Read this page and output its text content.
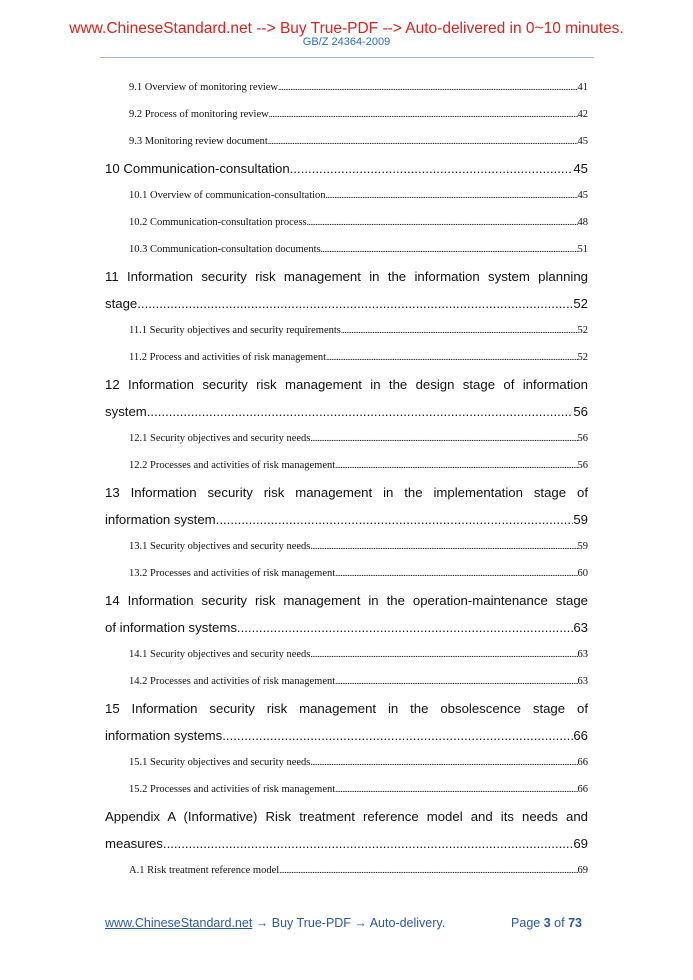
www.ChineseStandard.net --> Buy True-PDF --> Auto-delivered in 0~10 minutes.
GB/Z 24364-2009
9.1 Overview of monitoring review .....	41
9.2 Process of monitoring review .....	42
9.3 Monitoring review document .....	45
10 Communication-consultation .....	45
10.1 Overview of communication-consultation .....	45
10.2 Communication-consultation process .....	48
10.3 Communication-consultation documents .....	51
11 Information security risk management in the information system planning
stage .....	52
11.1 Security objectives and security requirements .....	52
11.2 Process and activities of risk management .....	52
12 Information security risk management in the design stage of information
system .....	56
12.1 Security objectives and security needs .....	56
12.2 Processes and activities of risk management .....	56
13 Information security risk management in the implementation stage of
information system .....	59
13.1 Security objectives and security needs .....	59
13.2 Processes and activities of risk management .....	60
14 Information security risk management in the operation-maintenance stage
of information systems .....	63
14.1 Security objectives and security needs .....	63
14.2 Processes and activities of risk management .....	63
15 Information security risk management in the obsolescence stage of
information systems .....	66
15.1 Security objectives and security needs .....	66
15.2 Processes and activities of risk management .....	66
Appendix A (Informative) Risk treatment reference model and its needs and
measures .....	69
A.1 Risk treatment reference model .....	69
www.ChineseStandard.net → Buy True-PDF → Auto-delivery.	Page 3 of 73
